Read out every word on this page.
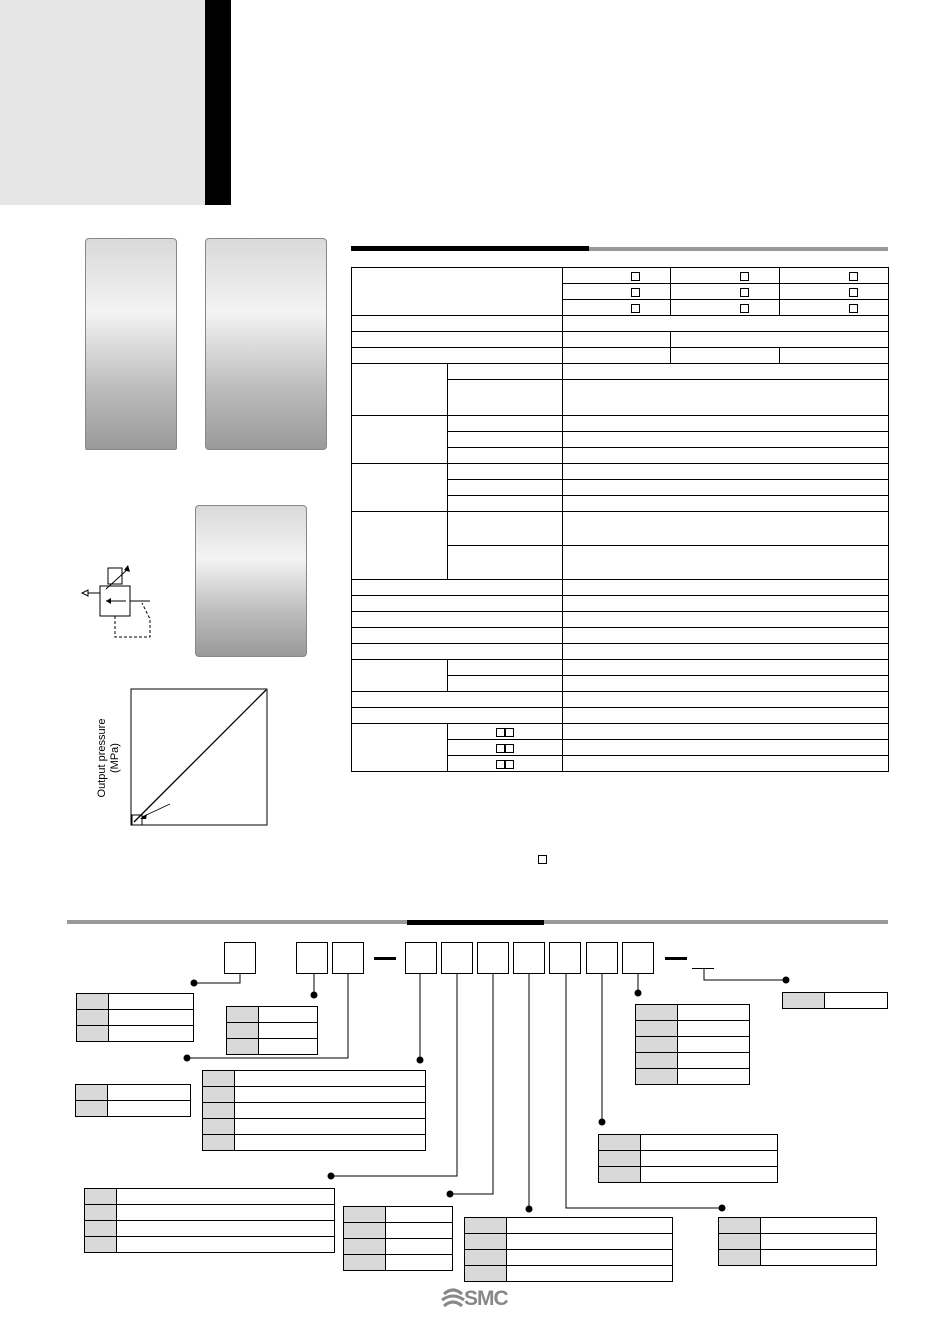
Output pressure (MPa)

SMC
